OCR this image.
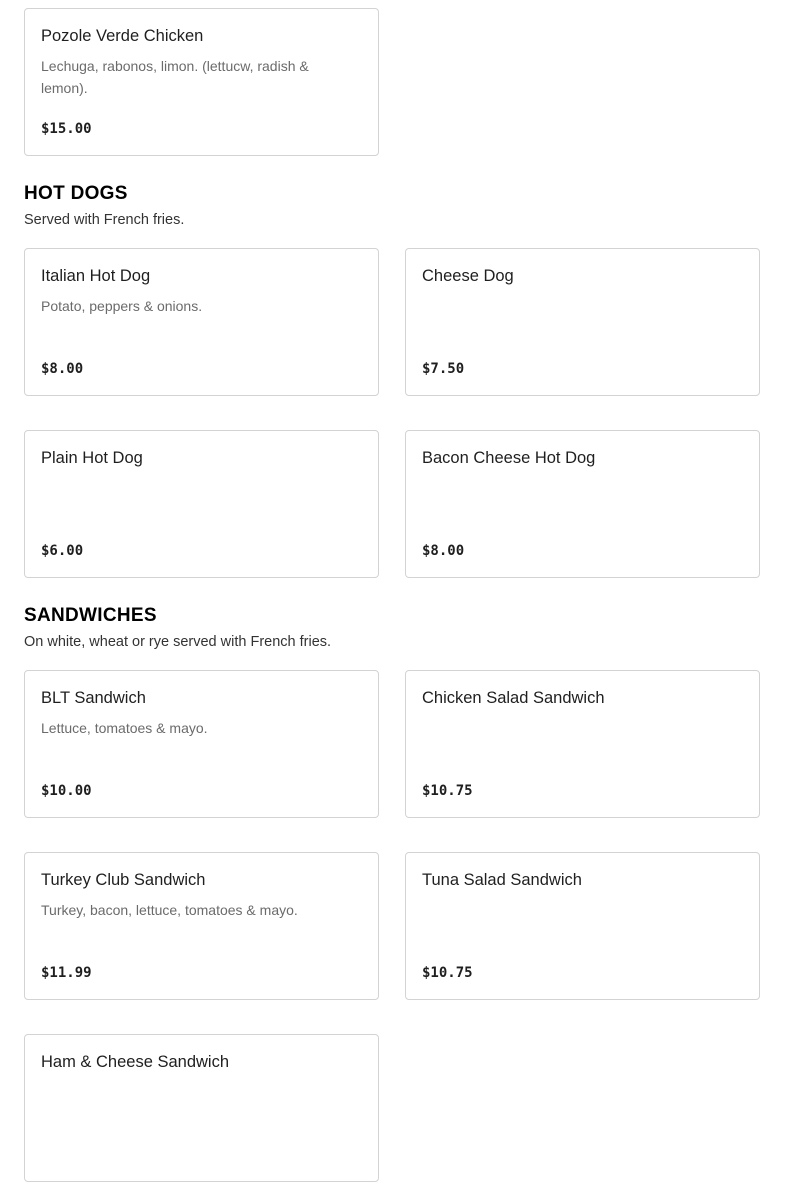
Pozole Verde Chicken
Lechuga, rabonos, limon. (lettucw, radish & lemon).
$15.00
HOT DOGS
Served with French fries.
Italian Hot Dog
Potato, peppers & onions.
$8.00
Cheese Dog
$7.50
Plain Hot Dog
$6.00
Bacon Cheese Hot Dog
$8.00
SANDWICHES
On white, wheat or rye served with French fries.
BLT Sandwich
Lettuce, tomatoes & mayo.
$10.00
Chicken Salad Sandwich
$10.75
Turkey Club Sandwich
Turkey, bacon, lettuce, tomatoes & mayo.
$11.99
Tuna Salad Sandwich
$10.75
Ham & Cheese Sandwich
